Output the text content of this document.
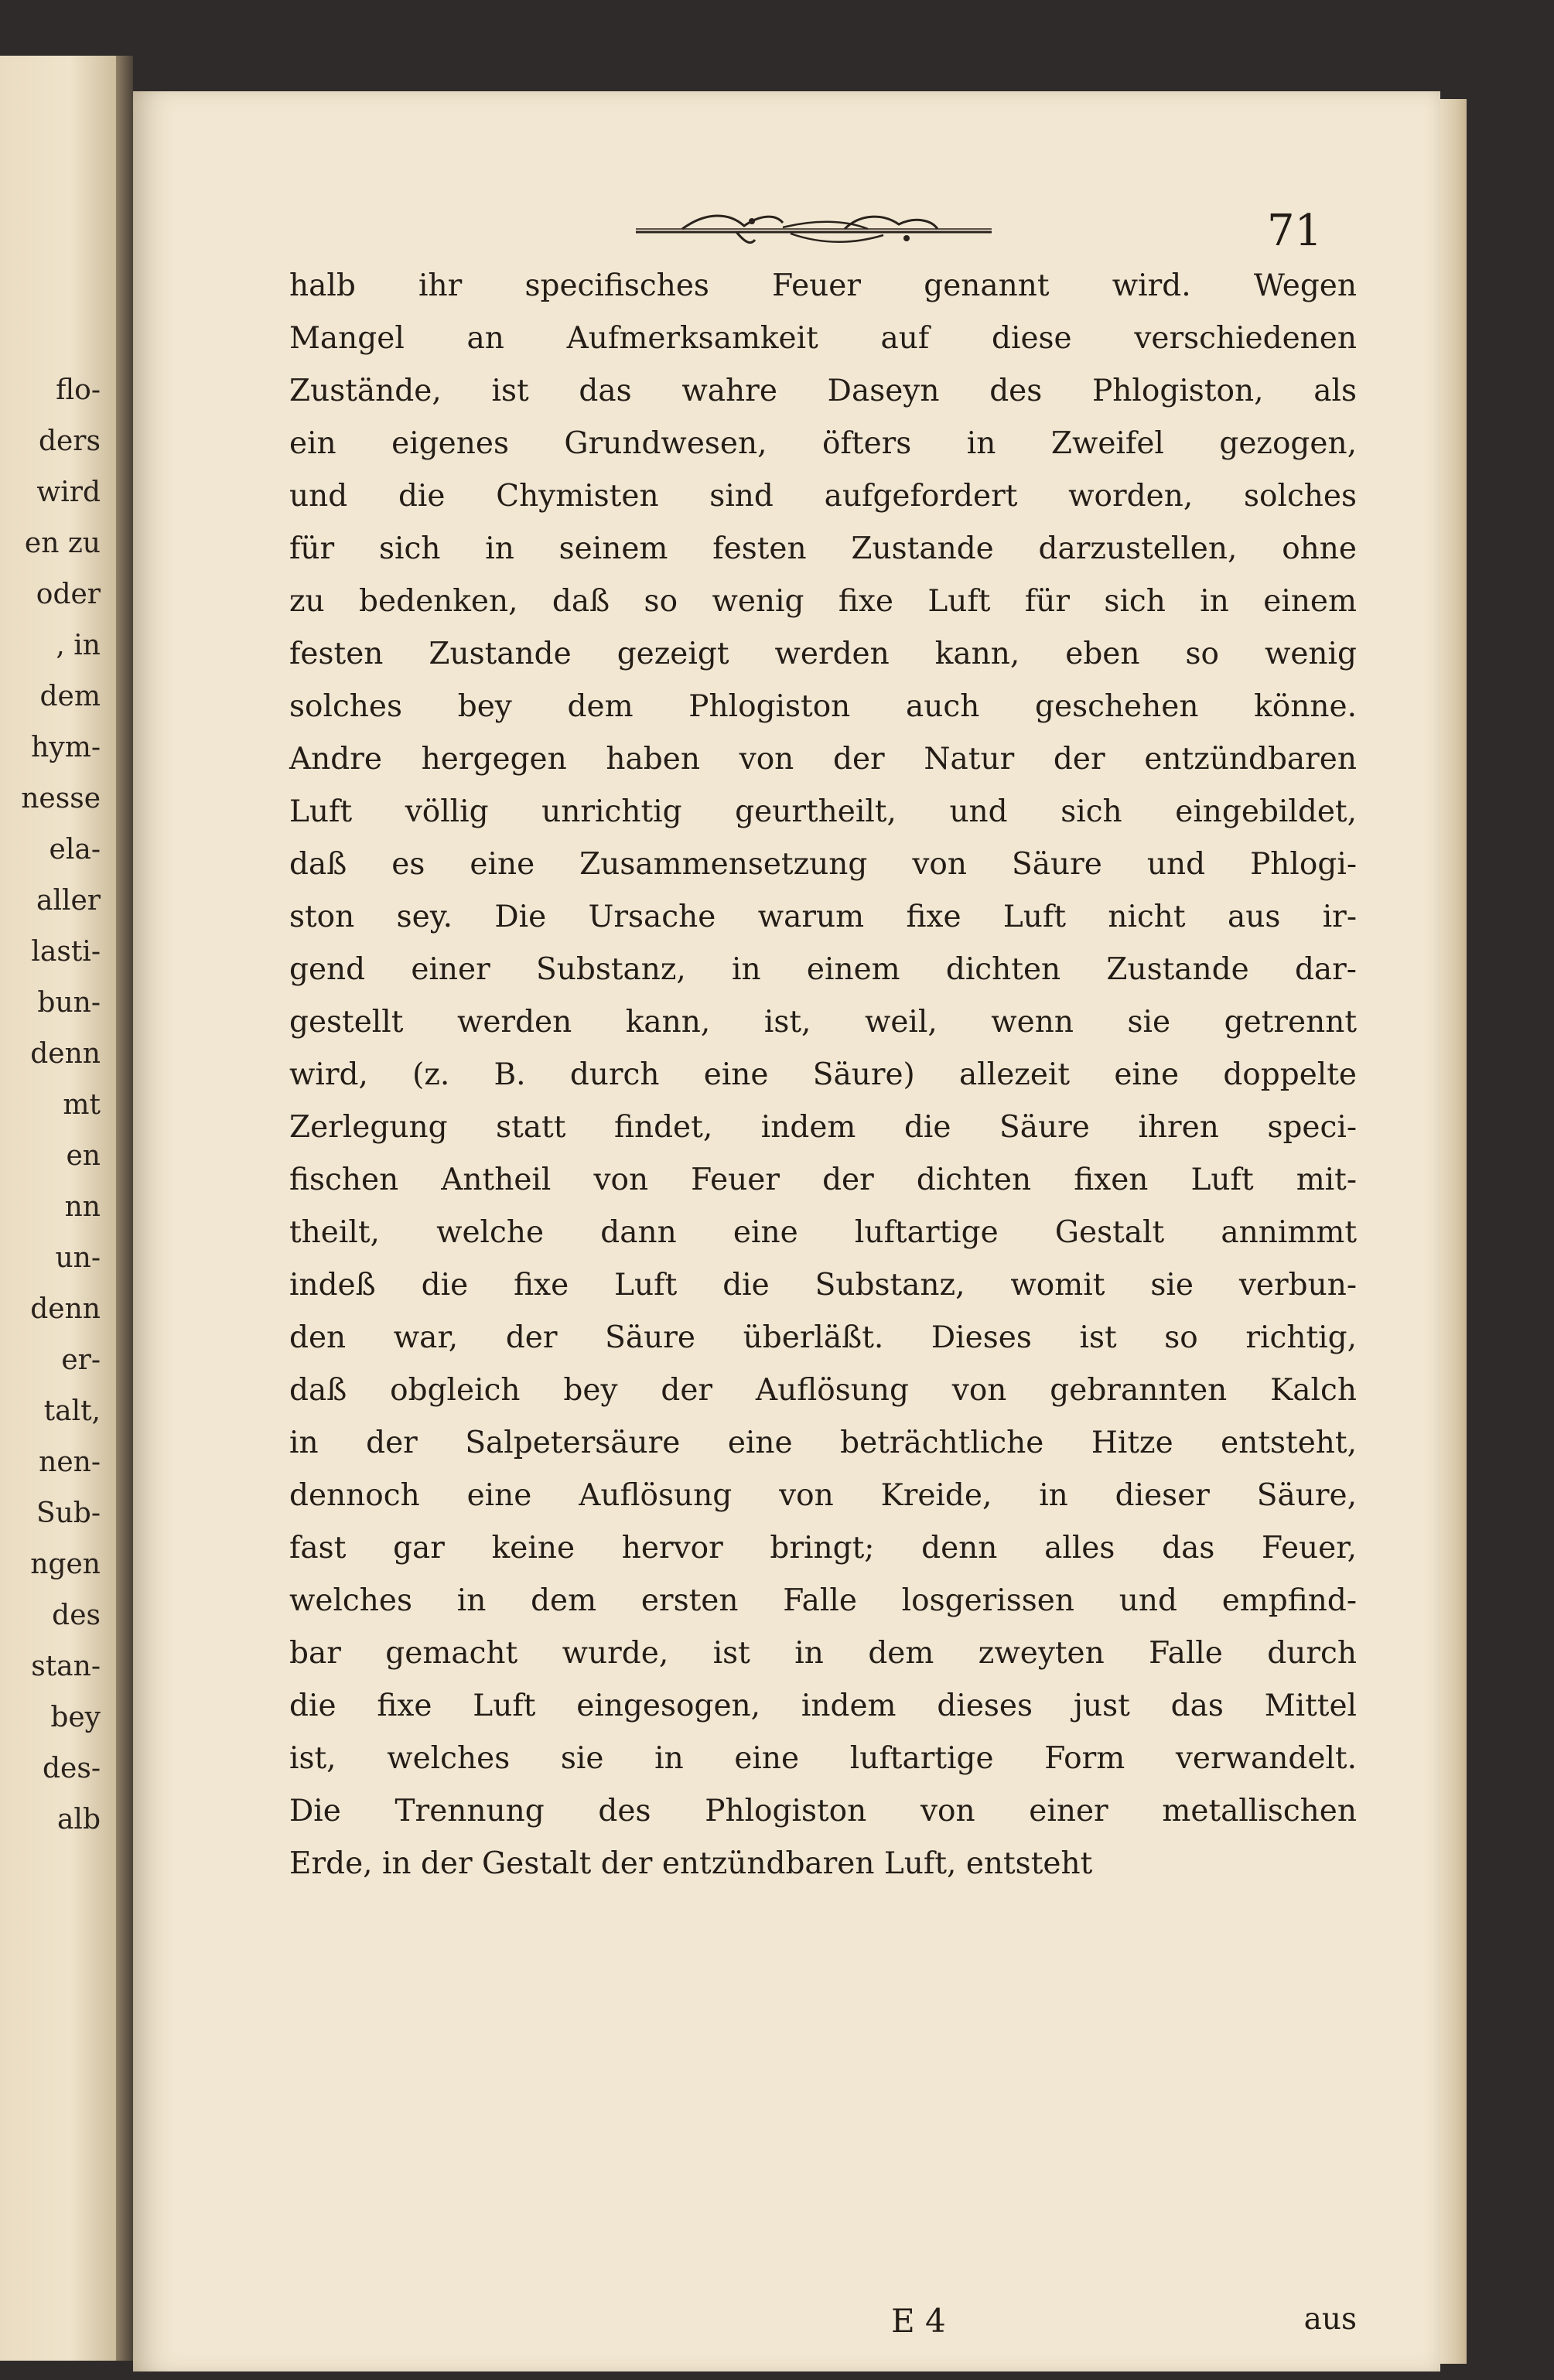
flo-
ders
wird
en zu
oder
, in
dem
hym-
nesse
ela-
aller
lasti-
bun-
denn
mt
en
nn
un-
denn
er-
talt,
nen-
Sub-
ngen
des
stan-
bey
des-
alb
71
halb ihr specifisches Feuer genannt wird. Wegen
Mangel an Aufmerksamkeit auf diese verschiedenen
Zustände, ist das wahre Daseyn des Phlogiston, als
ein eigenes Grundwesen, öfters in Zweifel gezogen,
und die Chymisten sind aufgefordert worden, solches
für sich in seinem festen Zustande darzustellen, ohne
zu bedenken, daß so wenig fixe Luft für sich in einem
festen Zustande gezeigt werden kann, eben so wenig
solches bey dem Phlogiston auch geschehen könne.
Andre hergegen haben von der Natur der entzündbaren
Luft völlig unrichtig geurtheilt, und sich eingebildet,
daß es eine Zusammensetzung von Säure und Phlogi-
ston sey. Die Ursache warum fixe Luft nicht aus ir-
gend einer Substanz, in einem dichten Zustande dar-
gestellt werden kann, ist, weil, wenn sie getrennt
wird, (z. B. durch eine Säure) allezeit eine doppelte
Zerlegung statt findet, indem die Säure ihren speci-
fischen Antheil von Feuer der dichten fixen Luft mit-
theilt, welche dann eine luftartige Gestalt annimmt
indeß die fixe Luft die Substanz, womit sie verbun-
den war, der Säure überläßt. Dieses ist so richtig,
daß obgleich bey der Auflösung von gebrannten Kalch
in der Salpetersäure eine beträchtliche Hitze entsteht,
dennoch eine Auflösung von Kreide, in dieser Säure,
fast gar keine hervor bringt; denn alles das Feuer,
welches in dem ersten Falle losgerissen und empfind-
bar gemacht wurde, ist in dem zweyten Falle durch
die fixe Luft eingesogen, indem dieses just das Mittel
ist, welches sie in eine luftartige Form verwandelt.
Die Trennung des Phlogiston von einer metallischen
Erde, in der Gestalt der entzündbaren Luft, entsteht
E 4	aus
